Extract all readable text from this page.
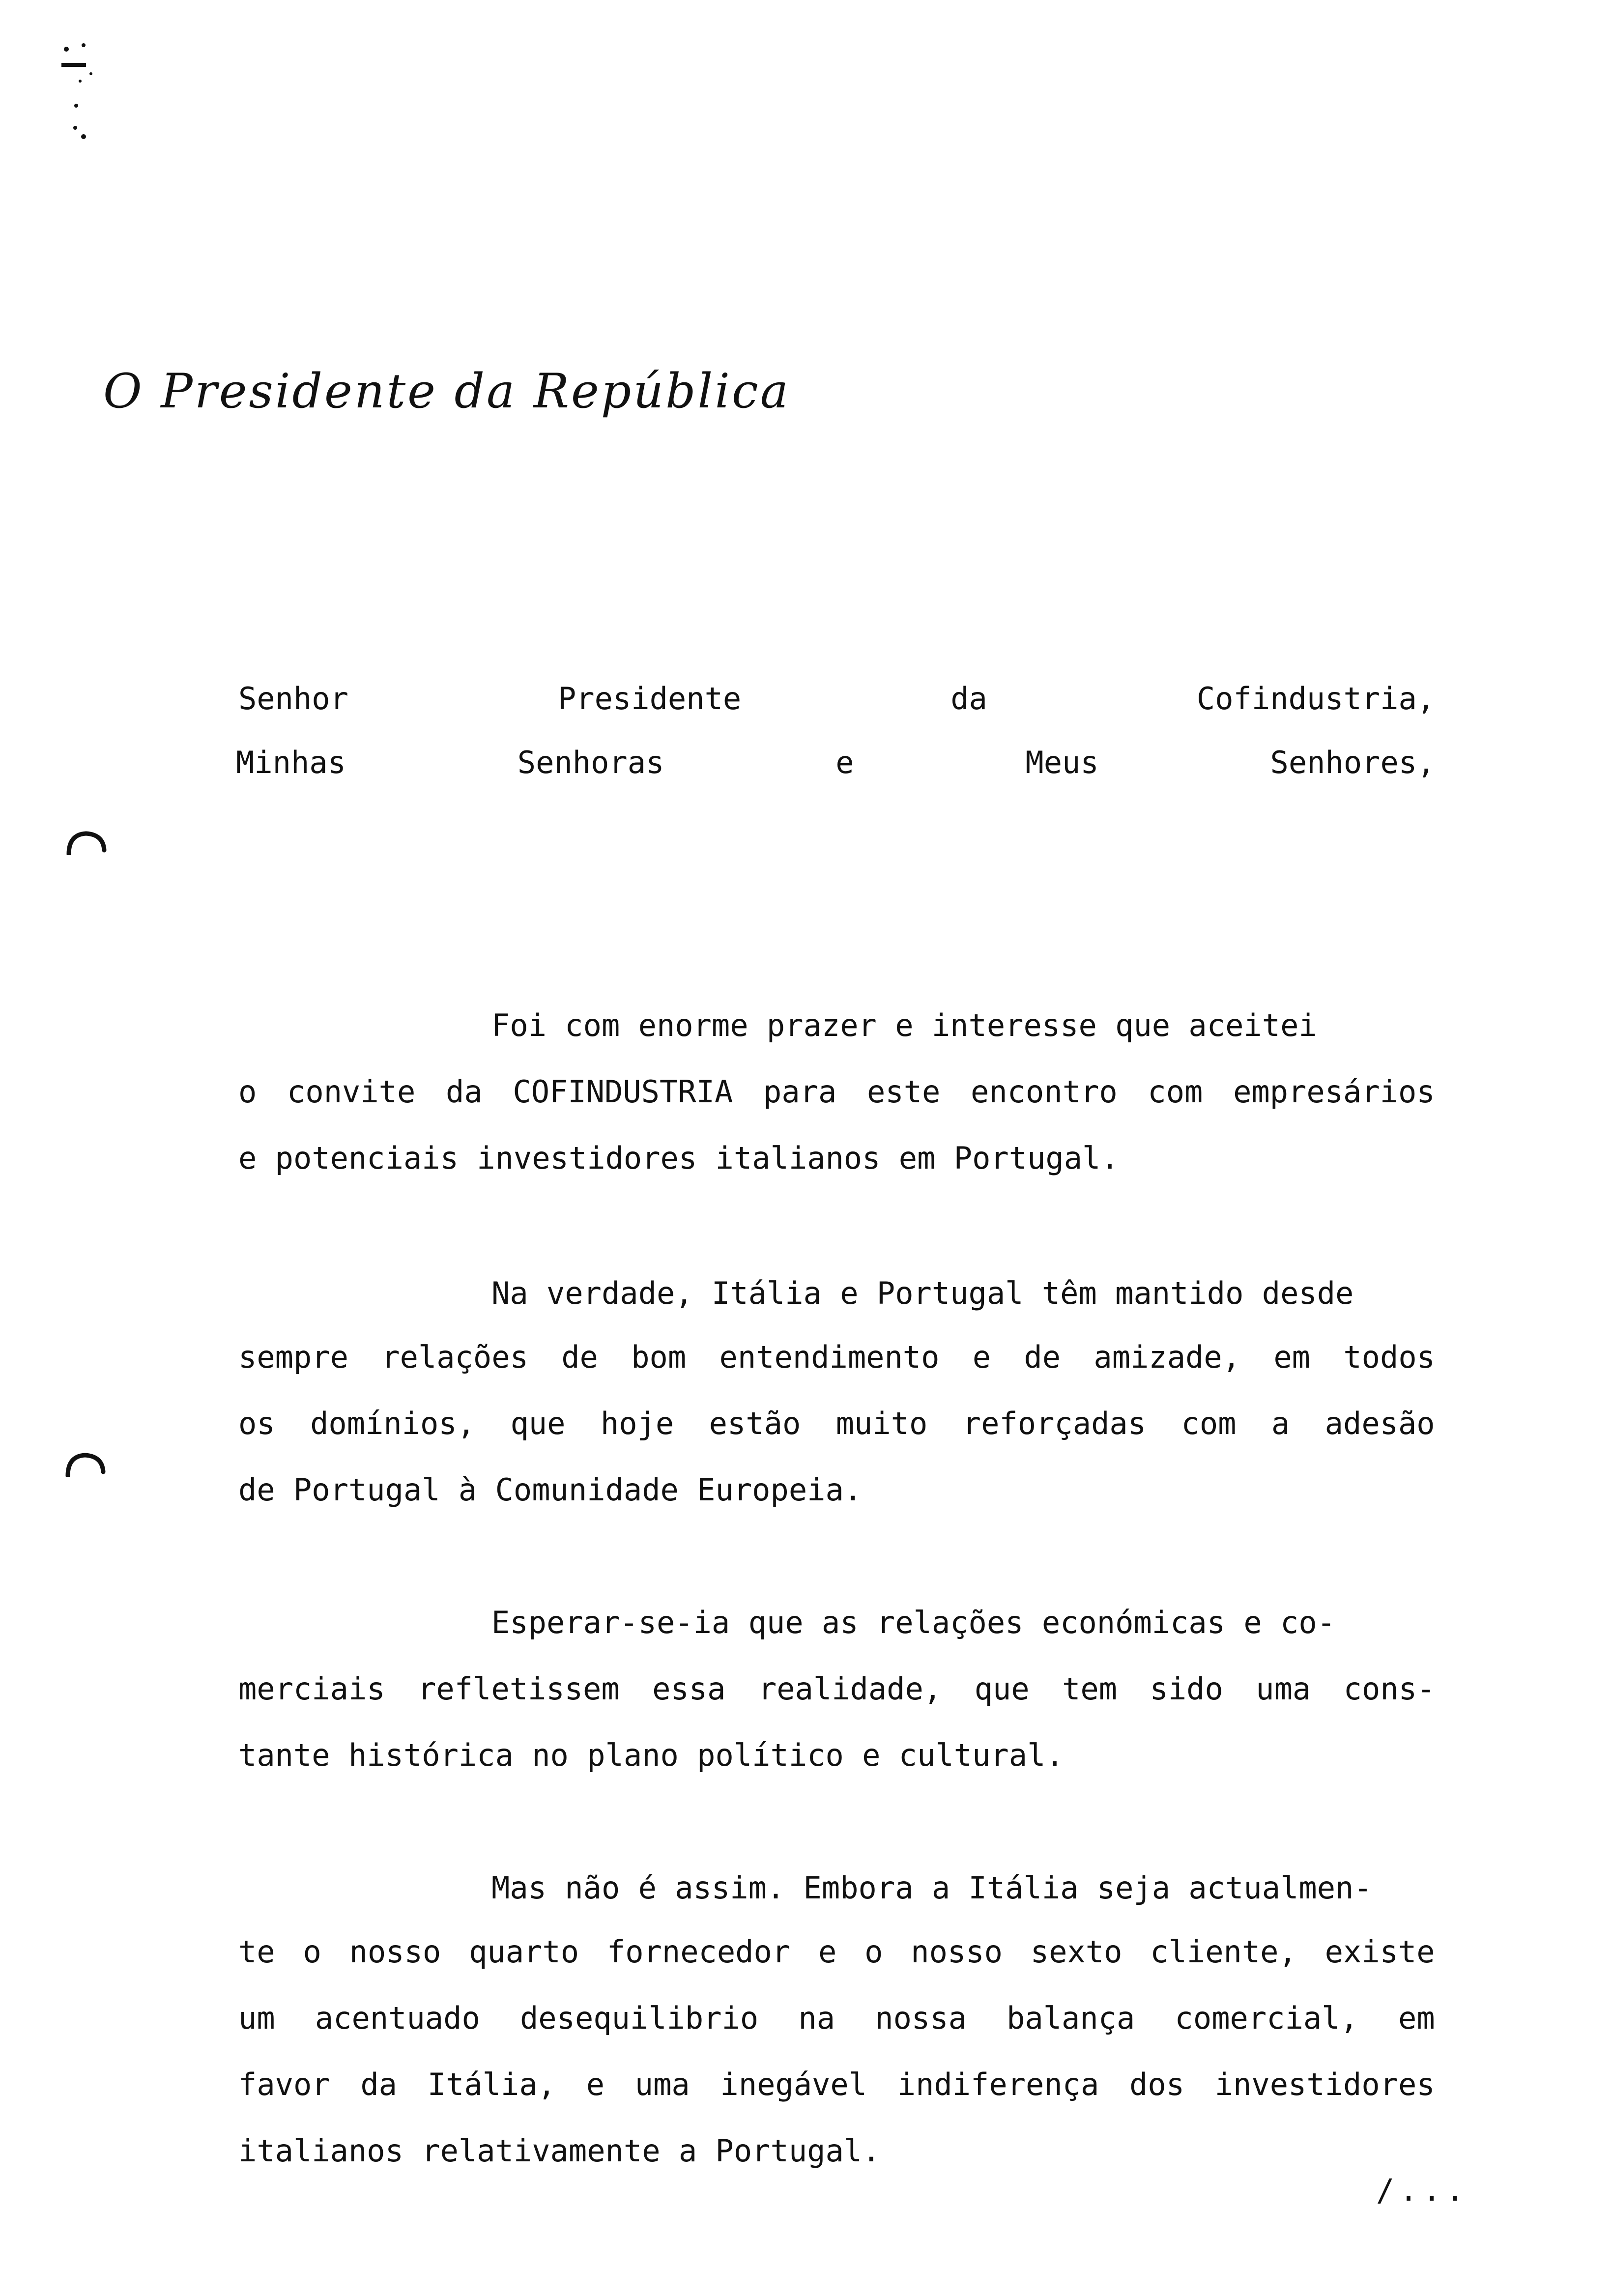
O Presidente da República
Senhor Presidente da Cofindustria,
Minhas Senhoras e Meus Senhores,
Foi com enorme prazer e interesse que aceitei
o convite da COFINDUSTRIA para este encontro com empresários
e potenciais investidores italianos em Portugal.
Na verdade, Itália e Portugal têm mantido desde
sempre relações de bom entendimento e de amizade, em todos
os domínios, que hoje estão muito reforçadas com a adesão
de Portugal à Comunidade Europeia.
Esperar-se-ia que as relações económicas e co-
merciais refletissem essa realidade, que tem sido uma cons-
tante histórica no plano político e cultural.
Mas não é assim. Embora a Itália seja actualmen-
te o nosso quarto fornecedor e o nosso sexto cliente, existe
um acentuado desequilibrio na nossa balança comercial, em
favor da Itália, e uma inegável indiferença dos investidores
italianos relativamente a Portugal.
/...
